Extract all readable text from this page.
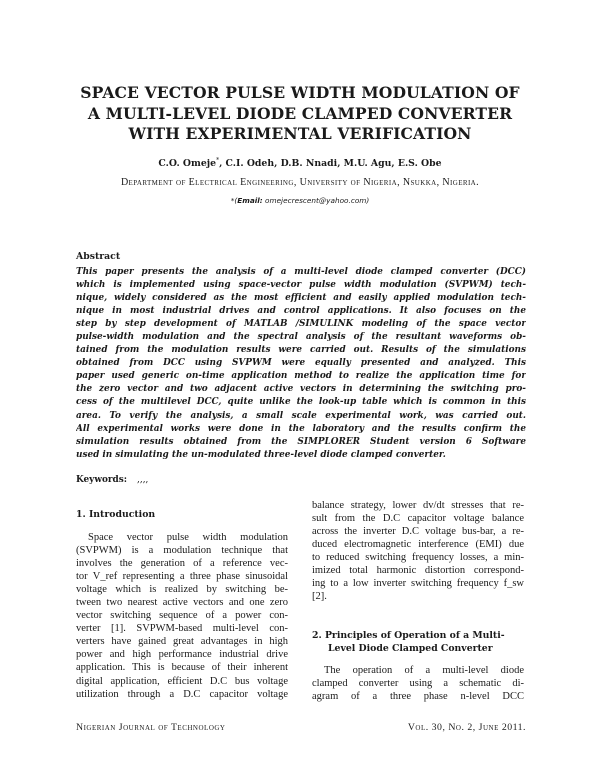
SPACE VECTOR PULSE WIDTH MODULATION OF
A MULTI-LEVEL DIODE CLAMPED CONVERTER
WITH EXPERIMENTAL VERIFICATION
C.O. Omeje*, C.I. Odeh, D.B. Nnadi, M.U. Agu, E.S. Obe
Department of Electrical Engineering, University of Nigeria, Nsukka, Nigeria.
*(Email: omejecrescent@yahoo.com)
Abstract
This paper presents the analysis of a multi-level diode clamped converter (DCC)
which is implemented using space-vector pulse width modulation (SVPWM) tech-
nique, widely considered as the most efficient and easily applied modulation tech-
nique in most industrial drives and control applications. It also focuses on the
step by step development of MATLAB /SIMULINK modeling of the space vector
pulse-width modulation and the spectral analysis of the resultant waveforms ob-
tained from the modulation results were carried out. Results of the simulations
obtained from DCC using SVPWM were equally presented and analyzed. This
paper used generic on-time application method to realize the application time for
the zero vector and two adjacent active vectors in determining the switching pro-
cess of the multilevel DCC, quite unlike the look-up table which is common in this
area. To verify the analysis, a small scale experimental work, was carried out.
All experimental works were done in the laboratory and the results confirm the
simulation results obtained from the SIMPLORER Student version 6 Software
used in simulating the un-modulated three-level diode clamped converter.
Keywords: ,,,,
1. Introduction
Space vector pulse width modulation
(SVPWM) is a modulation technique that
involves the generation of a reference vec-
tor V_ref representing a three phase sinusoidal
voltage which is realized by switching be-
tween two nearest active vectors and one zero
vector switching sequence of a power con-
verter [1]. SVPWM-based multi-level con-
verters have gained great advantages in high
power and high performance industrial drive
application. This is because of their inherent
digital application, efficient D.C bus voltage
utilization through a D.C capacitor voltage
balance strategy, lower dv/dt stresses that re-
sult from the D.C capacitor voltage balance
across the inverter D.C voltage bus-bar, a re-
duced electromagnetic interference (EMI) due
to reduced switching frequency losses, a min-
imized total harmonic distortion correspond-
ing to a low inverter switching frequency f_sw
[2].
2. Principles of Operation of a Multi-
Level Diode Clamped Converter
The operation of a multi-level diode
clamped converter using a schematic di-
agram of a three phase n-level DCC
Nigerian Journal of Technology	Vol. 30, No. 2, June 2011.
